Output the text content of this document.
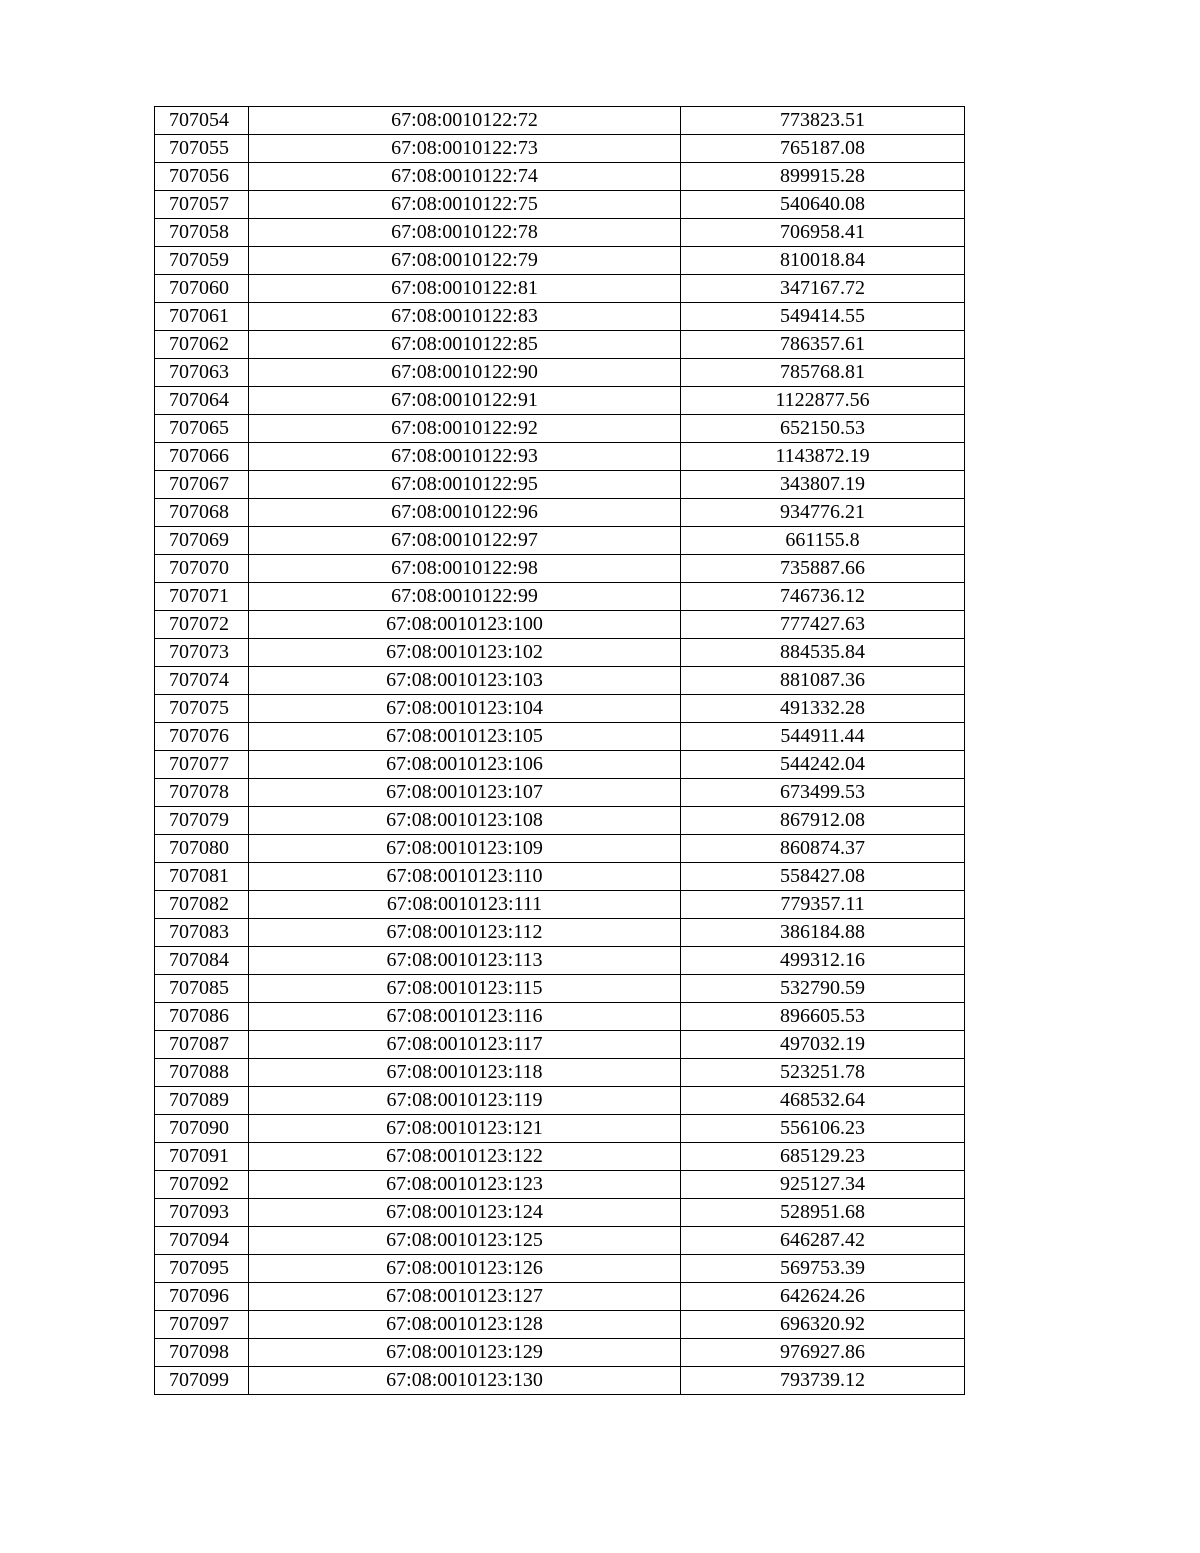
707054	67:08:0010122:72	773823.51
707055	67:08:0010122:73	765187.08
707056	67:08:0010122:74	899915.28
707057	67:08:0010122:75	540640.08
707058	67:08:0010122:78	706958.41
707059	67:08:0010122:79	810018.84
707060	67:08:0010122:81	347167.72
707061	67:08:0010122:83	549414.55
707062	67:08:0010122:85	786357.61
707063	67:08:0010122:90	785768.81
707064	67:08:0010122:91	1122877.56
707065	67:08:0010122:92	652150.53
707066	67:08:0010122:93	1143872.19
707067	67:08:0010122:95	343807.19
707068	67:08:0010122:96	934776.21
707069	67:08:0010122:97	661155.8
707070	67:08:0010122:98	735887.66
707071	67:08:0010122:99	746736.12
707072	67:08:0010123:100	777427.63
707073	67:08:0010123:102	884535.84
707074	67:08:0010123:103	881087.36
707075	67:08:0010123:104	491332.28
707076	67:08:0010123:105	544911.44
707077	67:08:0010123:106	544242.04
707078	67:08:0010123:107	673499.53
707079	67:08:0010123:108	867912.08
707080	67:08:0010123:109	860874.37
707081	67:08:0010123:110	558427.08
707082	67:08:0010123:111	779357.11
707083	67:08:0010123:112	386184.88
707084	67:08:0010123:113	499312.16
707085	67:08:0010123:115	532790.59
707086	67:08:0010123:116	896605.53
707087	67:08:0010123:117	497032.19
707088	67:08:0010123:118	523251.78
707089	67:08:0010123:119	468532.64
707090	67:08:0010123:121	556106.23
707091	67:08:0010123:122	685129.23
707092	67:08:0010123:123	925127.34
707093	67:08:0010123:124	528951.68
707094	67:08:0010123:125	646287.42
707095	67:08:0010123:126	569753.39
707096	67:08:0010123:127	642624.26
707097	67:08:0010123:128	696320.92
707098	67:08:0010123:129	976927.86
707099	67:08:0010123:130	793739.12
